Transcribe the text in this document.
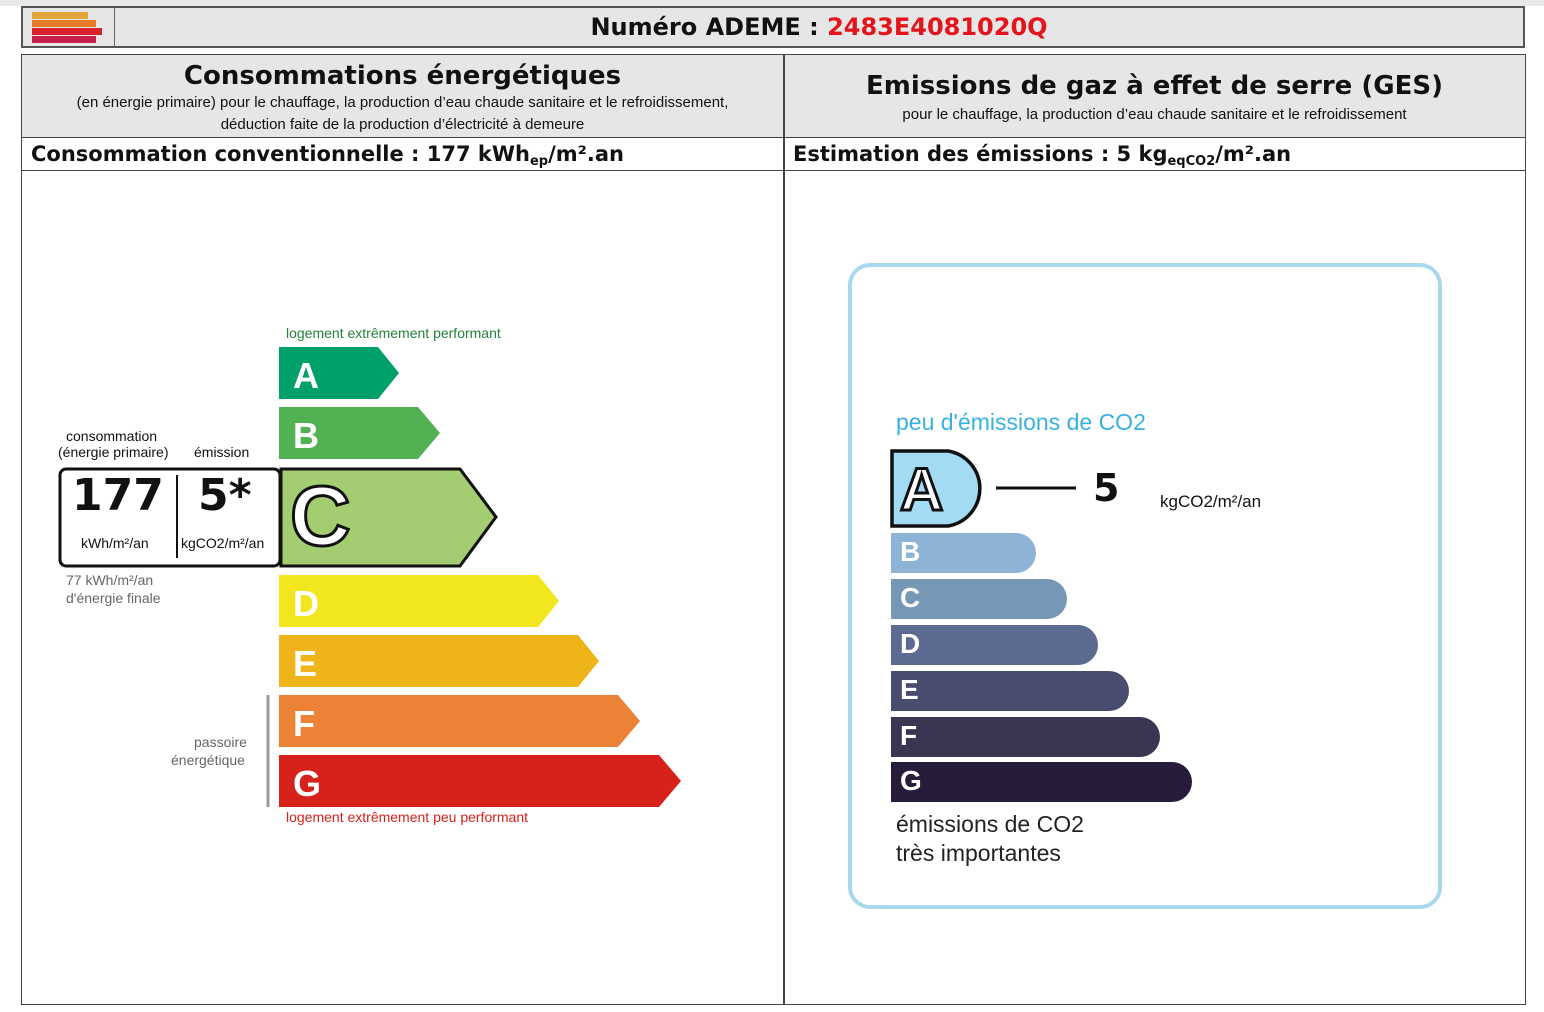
Numéro ADEME : 2483E4081020Q
Consommations énergétiques
(en énergie primaire) pour le chauffage, la production d’eau chaude sanitaire et le refroidissement,
déduction faite de la production d’électricité à demeure
Emissions de gaz à effet de serre (GES)
pour le chauffage, la production d’eau chaude sanitaire et le refroidissement
Consommation conventionnelle : 177 kWh$_{ep}$/m².an	Estimation des émissions : 5 $kg_{eqCO2}/m^2.an$
logement extrêmement performant
A
B
C
D
E
F
G
consommation
(énergie primaire) émission
177 5*
kWh/m²/an kgCO2/m²/an
77 kWh/m²/an
d'énergie finale
passoire
énergétique
logement extrêmement peu performant
peu d'émissions de CO2
A	5 kgCO2/m²/an
B
C
D
E
F
G
émissions de CO2
très importantes
